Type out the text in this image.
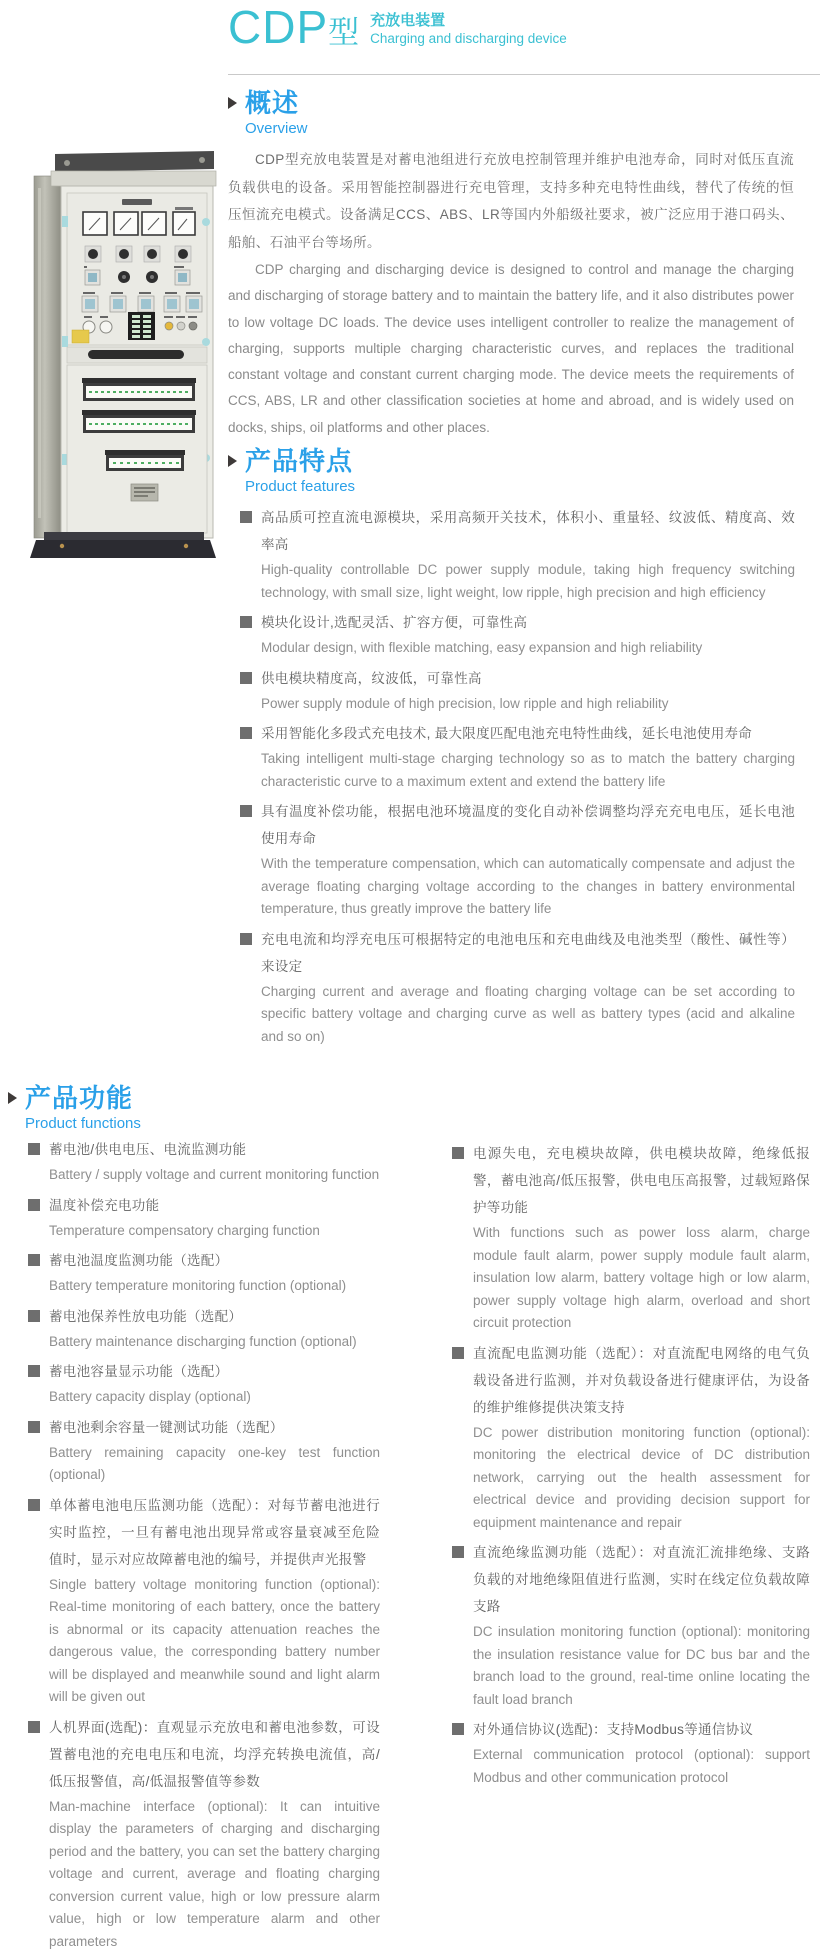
CDP型 充放电装置
Charging and discharging device
概述
Overview
CDP型充放电装置是对蓄电池组进行充放电控制管理并维护电池寿命，同时对低压直流负载供电的设备。采用智能控制器进行充电管理，支持多种充电特性曲线，替代了传统的恒压恒流充电模式。设备满足CCS、ABS、LR等国内外船级社要求，被广泛应用于港口码头、船舶、石油平台等场所。
CDP charging and discharging device is designed to control and manage the charging and discharging of storage battery and to maintain the battery life, and it also distributes power to low voltage DC loads. The device uses intelligent controller to realize the management of charging, supports multiple charging characteristic curves, and replaces the traditional constant voltage and constant current charging mode. The device meets the requirements of CCS, ABS, LR and other classification societies at home and abroad, and is widely used on docks, ships, oil platforms and other places.
产品特点
Product features
高品质可控直流电源模块，采用高频开关技术，体积小、重量轻、纹波低、精度高、效率高
High-quality controllable DC power supply module, taking high frequency switching technology, with small size, light weight, low ripple, high precision and high efficiency
模块化设计,选配灵活、扩容方便，可靠性高
Modular design, with flexible matching, easy expansion and high reliability
供电模块精度高，纹波低，可靠性高
Power supply module of high precision, low ripple and high reliability
采用智能化多段式充电技术, 最大限度匹配电池充电特性曲线，延长电池使用寿命
Taking intelligent multi-stage charging technology so as to match the battery charging characteristic curve to a maximum extent and extend the battery life
具有温度补偿功能，根据电池环境温度的变化自动补偿调整均浮充充电电压，延长电池使用寿命
With the temperature compensation, which can automatically compensate and adjust the average floating charging voltage according to the changes in battery environmental temperature, thus greatly improve the battery life
充电电流和均浮充电压可根据特定的电池电压和充电曲线及电池类型（酸性、碱性等）来设定
Charging current and average and floating charging voltage can be set according to specific battery voltage and charging curve as well as battery types (acid and alkaline and so on)
产品功能
Product functions
蓄电池/供电电压、电流监测功能
Battery / supply voltage and current monitoring function
温度补偿充电功能
Temperature compensatory charging function
蓄电池温度监测功能（选配）
Battery temperature monitoring function (optional)
蓄电池保养性放电功能（选配）
Battery maintenance discharging function (optional)
蓄电池容量显示功能（选配）
Battery capacity display (optional)
蓄电池剩余容量一键测试功能（选配）
Battery remaining capacity one-key test function (optional)
单体蓄电池电压监测功能（选配）：对每节蓄电池进行实时监控，一旦有蓄电池出现异常或容量衰减至危险值时，显示对应故障蓄电池的编号，并提供声光报警
Single battery voltage monitoring function (optional): Real-time monitoring of each battery, once the battery is abnormal or its capacity attenuation reaches the dangerous value, the corresponding battery number will be displayed and meanwhile sound and light alarm will be given out
人机界面(选配)：直观显示充放电和蓄电池参数，可设置蓄电池的充电电压和电流，均浮充转换电流值，高/低压报警值，高/低温报警值等参数
Man-machine interface (optional): It can intuitive display the parameters of charging and discharging period and the battery, you can set the battery charging voltage and current, average and floating charging conversion current value, high or low pressure alarm value, high or low temperature alarm and other parameters
电源失电，充电模块故障，供电模块故障，绝缘低报警，蓄电池高/低压报警，供电电压高报警，过载短路保护等功能
With functions such as power loss alarm, charge module fault alarm, power supply module fault alarm, insulation low alarm, battery voltage high or low alarm, power supply voltage high alarm, overload and short circuit protection
直流配电监测功能（选配）：对直流配电网络的电气负载设备进行监测，并对负载设备进行健康评估，为设备的维护维修提供决策支持
DC power distribution monitoring function (optional): monitoring the electrical device of DC distribution network, carrying out the health assessment for electrical device and providing decision support for equipment maintenance and repair
直流绝缘监测功能（选配）：对直流汇流排绝缘、支路负载的对地绝缘阻值进行监测，实时在线定位负载故障支路
DC insulation monitoring function (optional): monitoring the insulation resistance value for DC bus bar and the branch load to the ground, real-time online locating the fault load branch
对外通信协议(选配)：支持Modbus等通信协议
External communication protocol (optional): support Modbus and other communication protocol
